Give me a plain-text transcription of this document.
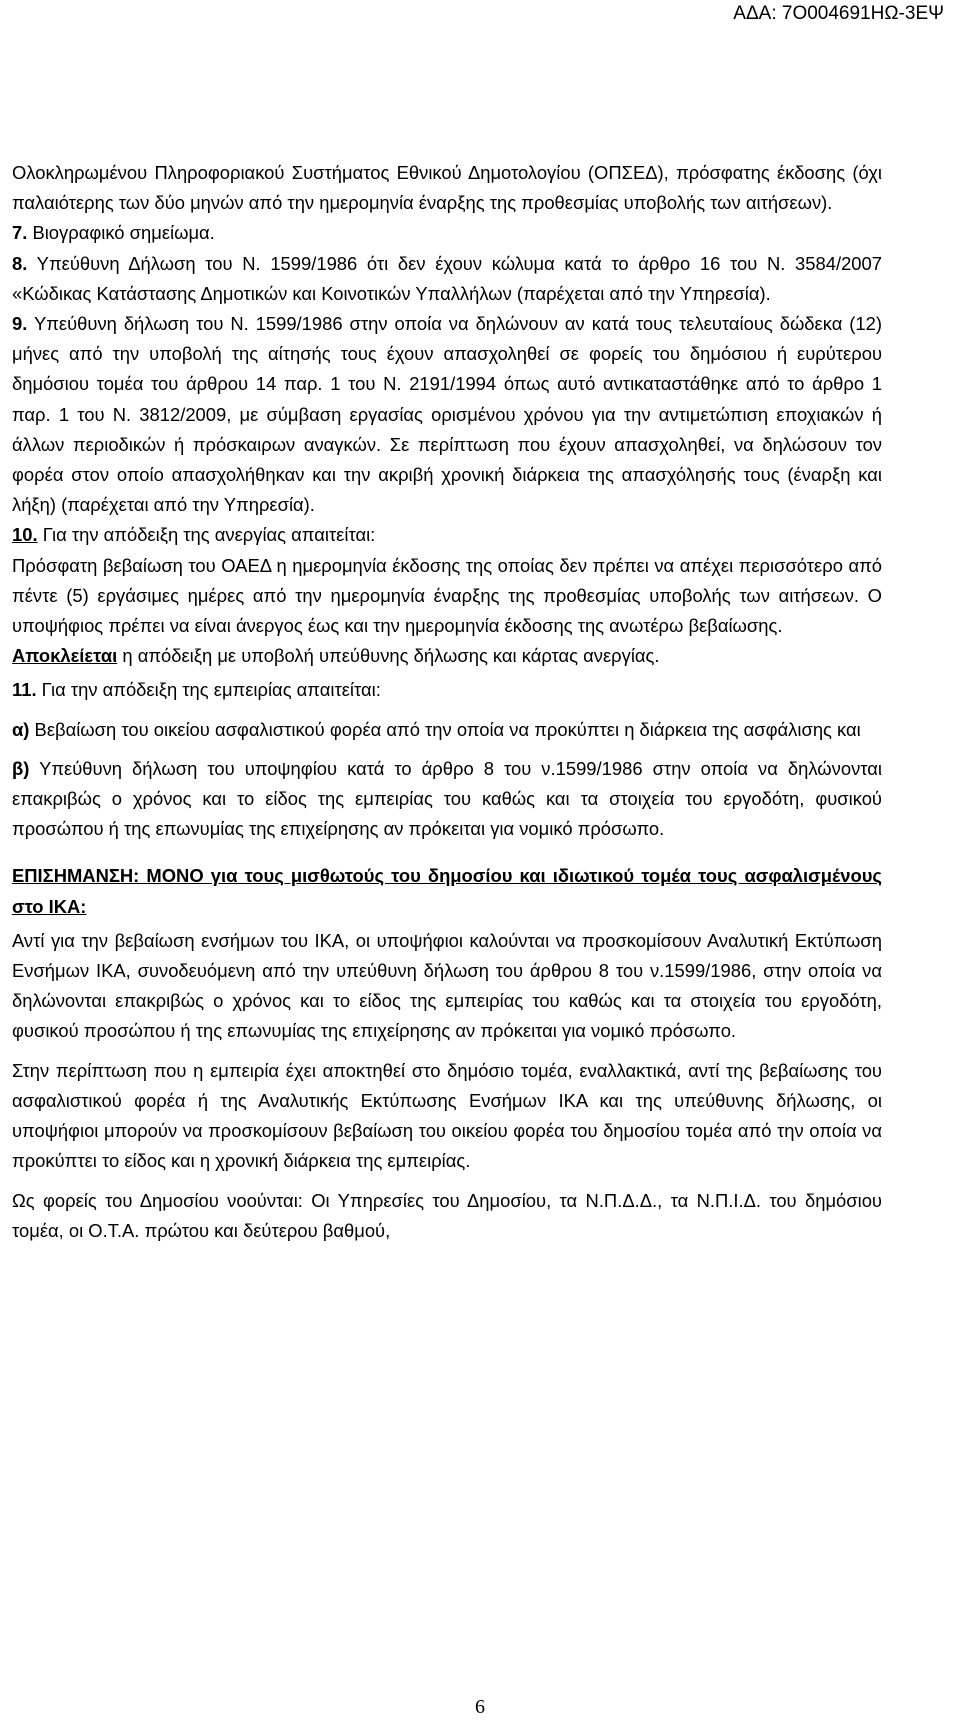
ΑΔΑ: 7Ο004691ΗΩ-3ΕΨ

Ολοκληρωμένου Πληροφοριακού Συστήματος Εθνικού Δημοτολογίου (ΟΠΣΕΔ), πρόσφατης έκδοσης (όχι παλαιότερης των δύο μηνών από την ημερομηνία έναρξης της προθεσμίας υποβολής των αιτήσεων).

7. Βιογραφικό σημείωμα.

8. Υπεύθυνη Δήλωση του Ν. 1599/1986 ότι δεν έχουν κώλυμα κατά το άρθρο 16 του Ν. 3584/2007 «Κώδικας Κατάστασης Δημοτικών και Κοινοτικών Υπαλλήλων (παρέχεται από την Υπηρεσία).

9. Υπεύθυνη δήλωση του Ν. 1599/1986 στην οποία να δηλώνουν αν κατά τους τελευταίους δώδεκα (12) μήνες από την υποβολή της αίτησής τους έχουν απασχοληθεί σε φορείς του δημόσιου ή ευρύτερου δημόσιου τομέα του άρθρου 14 παρ. 1 του Ν. 2191/1994 όπως αυτό αντικαταστάθηκε από το άρθρο 1 παρ. 1 του Ν. 3812/2009, με σύμβαση εργασίας ορισμένου χρόνου για την αντιμετώπιση εποχιακών ή άλλων περιοδικών ή πρόσκαιρων αναγκών. Σε περίπτωση που έχουν απασχοληθεί, να δηλώσουν τον φορέα στον οποίο απασχολήθηκαν και την ακριβή χρονική διάρκεια της απασχόλησής τους (έναρξη και λήξη) (παρέχεται από την Υπηρεσία).

10. Για την απόδειξη της ανεργίας απαιτείται:

Πρόσφατη βεβαίωση του ΟΑΕΔ η ημερομηνία έκδοσης της οποίας δεν πρέπει να απέχει περισσότερο από πέντε (5) εργάσιμες ημέρες από την ημερομηνία έναρξης της προθεσμίας υποβολής των αιτήσεων. Ο υποψήφιος πρέπει να είναι άνεργος έως και την ημερομηνία έκδοσης της ανωτέρω βεβαίωσης.

Αποκλείεται η απόδειξη με υποβολή υπεύθυνης δήλωσης και κάρτας ανεργίας.

11. Για την απόδειξη της εμπειρίας απαιτείται:

α) Βεβαίωση του οικείου ασφαλιστικού φορέα από την οποία να προκύπτει η διάρκεια της ασφάλισης και

β) Υπεύθυνη δήλωση του υποψηφίου κατά το άρθρο 8 του ν.1599/1986 στην οποία να δηλώνονται επακριβώς ο χρόνος και το είδος της εμπειρίας του καθώς και τα στοιχεία του εργοδότη, φυσικού προσώπου ή της επωνυμίας της επιχείρησης αν πρόκειται για νομικό πρόσωπο.

ΕΠΙΣΗΜΑΝΣΗ: ΜΟΝΟ για τους μισθωτούς του δημοσίου και ιδιωτικού τομέα τους ασφαλισμένους στο ΙΚΑ:

Αντί για την βεβαίωση ενσήμων του ΙΚΑ, οι υποψήφιοι καλούνται να προσκομίσουν Αναλυτική Εκτύπωση Ενσήμων ΙΚΑ, συνοδευόμενη από την υπεύθυνη δήλωση του άρθρου 8 του ν.1599/1986, στην οποία να δηλώνονται επακριβώς ο χρόνος και το είδος της εμπειρίας του καθώς και τα στοιχεία του εργοδότη, φυσικού προσώπου ή της επωνυμίας της επιχείρησης αν πρόκειται για νομικό πρόσωπο.

Στην περίπτωση που η εμπειρία έχει αποκτηθεί στο δημόσιο τομέα, εναλλακτικά, αντί της βεβαίωσης του ασφαλιστικού φορέα ή της Αναλυτικής Εκτύπωσης Ενσήμων ΙΚΑ και της υπεύθυνης δήλωσης, οι υποψήφιοι μπορούν να προσκομίσουν βεβαίωση του οικείου φορέα του δημοσίου τομέα από την οποία να προκύπτει το είδος και η χρονική διάρκεια της εμπειρίας.

Ως φορείς του Δημοσίου νοούνται: Οι Υπηρεσίες του Δημοσίου, τα Ν.Π.Δ.Δ., τα Ν.Π.Ι.Δ. του δημόσιου τομέα, οι Ο.Τ.Α. πρώτου και δεύτερου βαθμού,

6
